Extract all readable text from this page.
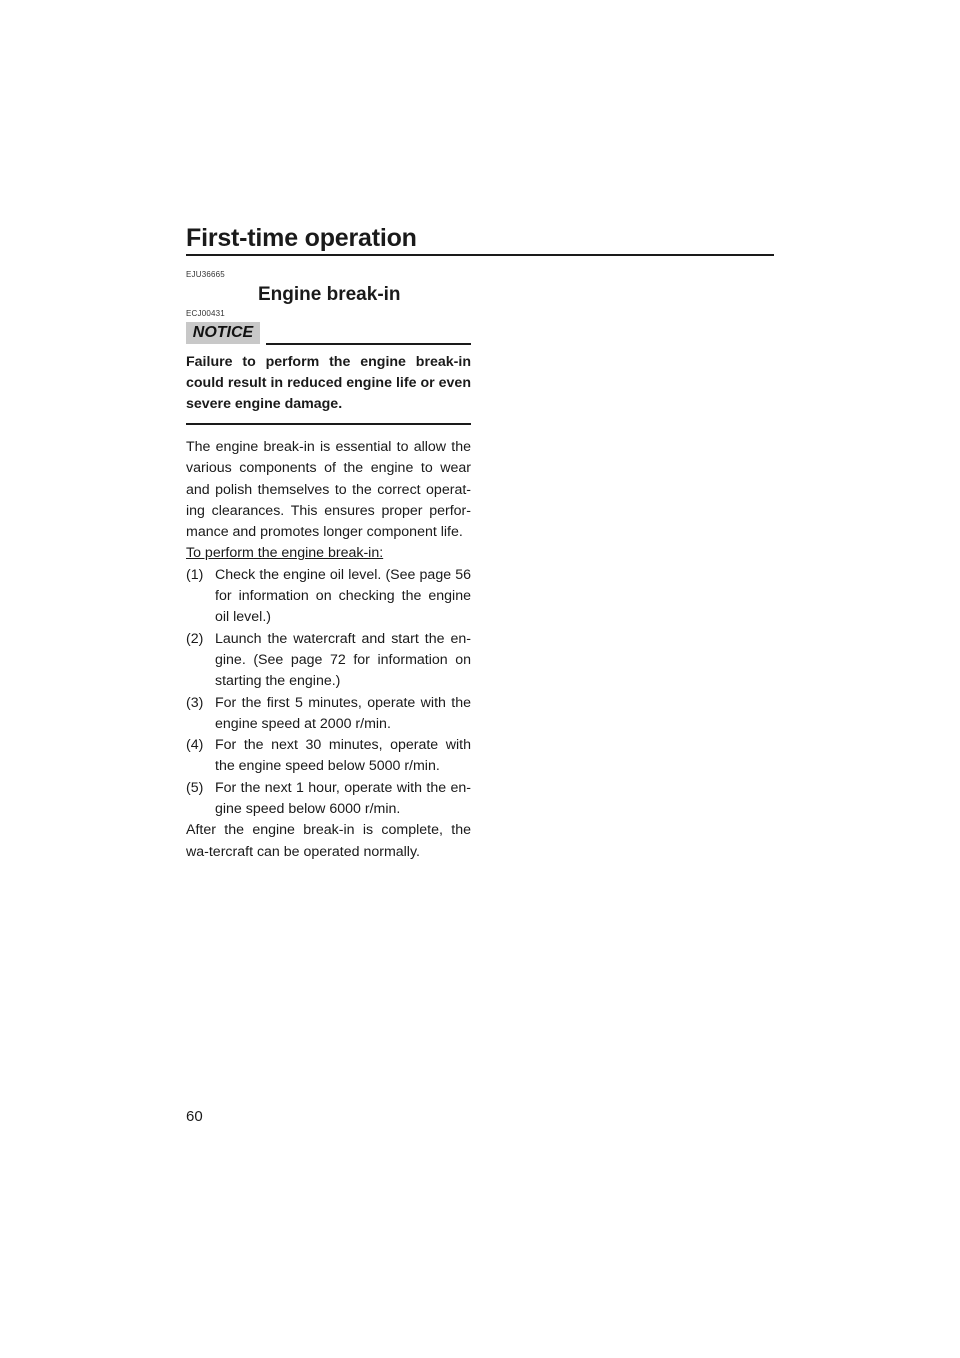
First-time operation
EJU36665
Engine break-in
ECJ00431
NOTICE
Failure to perform the engine break-in could result in reduced engine life or even severe engine damage.
The engine break-in is essential to allow the various components of the engine to wear and polish themselves to the correct operat-ing clearances. This ensures proper perfor-mance and promotes longer component life.
To perform the engine break-in:
(1) Check the engine oil level. (See page 56 for information on checking the engine oil level.)
(2) Launch the watercraft and start the en-gine. (See page 72 for information on starting the engine.)
(3) For the first 5 minutes, operate with the engine speed at 2000 r/min.
(4) For the next 30 minutes, operate with the engine speed below 5000 r/min.
(5) For the next 1 hour, operate with the en-gine speed below 6000 r/min.
After the engine break-in is complete, the wa-tercraft can be operated normally.
60
